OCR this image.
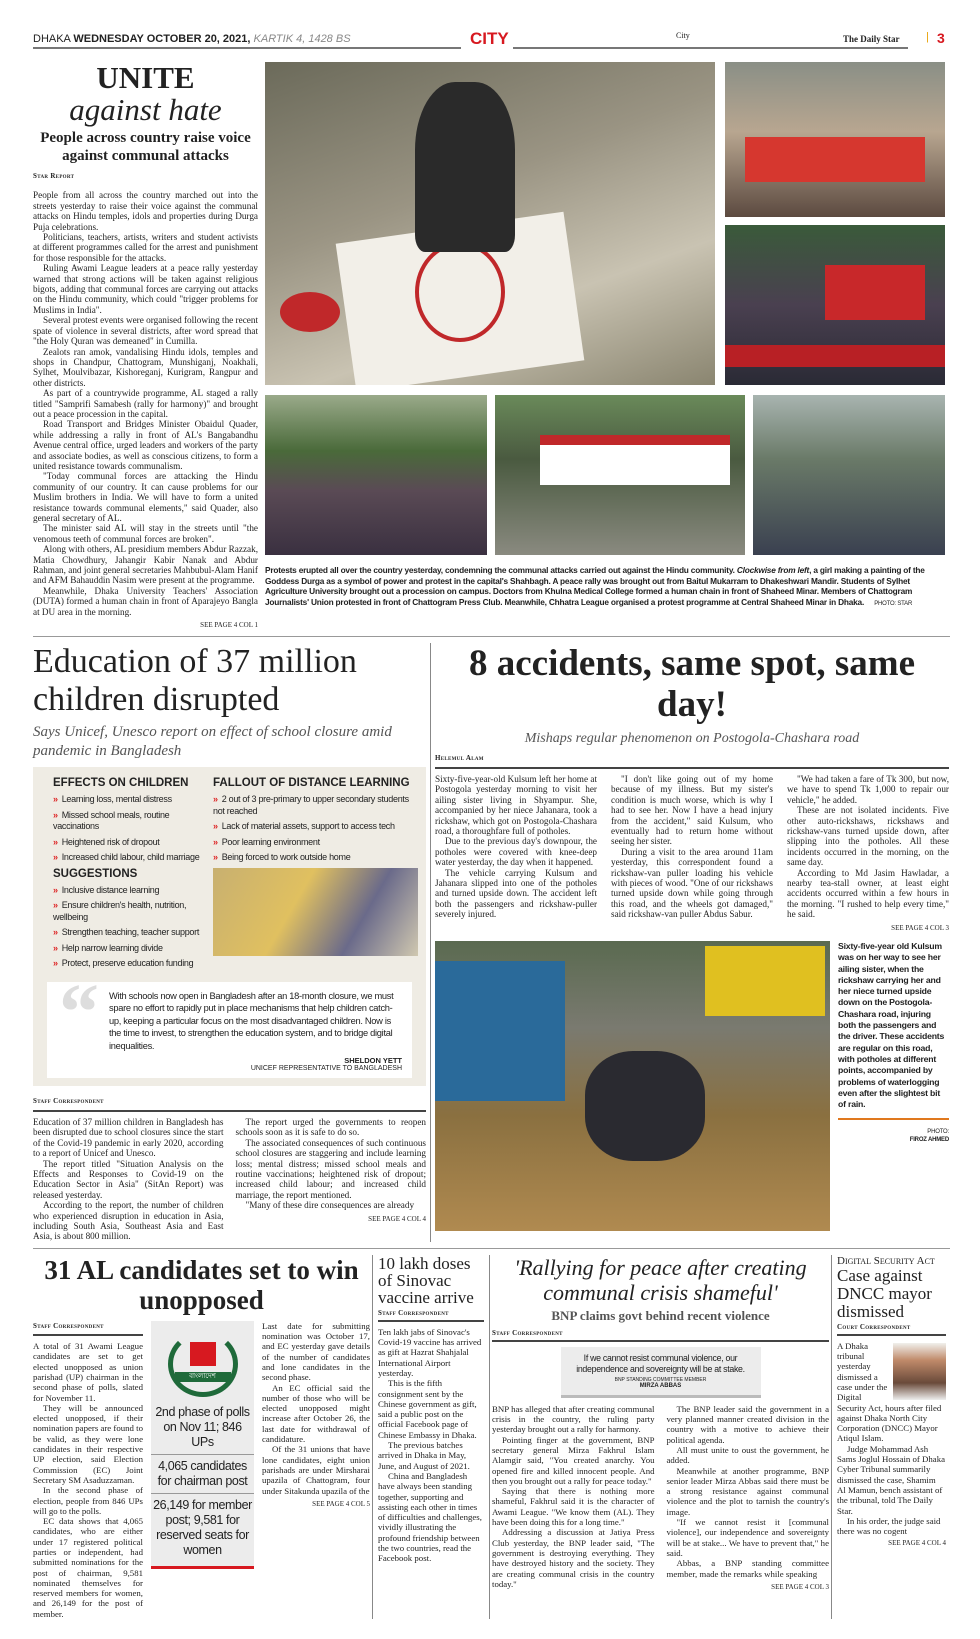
DHAKA WEDNESDAY OCTOBER 20, 2021, KARTIK 4, 1428 BS	CITY	City	The Daily Star | 3
UNITE
against hate
People across country raise voice against communal attacks
Star Report

People from all across the country marched out into the streets yesterday to raise their voice against the communal attacks on Hindu temples, idols and properties during Durga Puja celebrations.

Politicians, teachers, artists, writers and student activists at different programmes called for the arrest and punishment for those responsible for the attacks.

Ruling Awami League leaders at a peace rally yesterday warned that strong actions will be taken against religious bigots, adding that communal forces are carrying out attacks on the Hindu community, which could "trigger problems for Muslims in India".

Several protest events were organised following the recent spate of violence in several districts, after word spread that "the Holy Quran was demeaned" in Cumilla.

Zealots ran amok, vandalising Hindu idols, temples and shops in Chandpur, Chattogram, Munshiganj, Noakhali, Sylhet, Moulvibazar, Kishoreganj, Kurigram, Rangpur and other districts.

As part of a countrywide programme, AL staged a rally titled "Samprifi Samabesh (rally for harmony)" and brought out a peace procession in the capital.

Road Transport and Bridges Minister Obaidul Quader, while addressing a rally in front of AL's Bangabandhu Avenue central office, urged leaders and workers of the party and associate bodies, as well as conscious citizens, to form a united resistance towards communalism.

"Today communal forces are attacking the Hindu community of our country. It can cause problems for our Muslim brothers in India. We will have to form a united resistance towards communal elements," said Quader, also general secretary of AL.

The minister said AL will stay in the streets until "the venomous teeth of communal forces are broken".

Along with others, AL presidium members Abdur Razzak, Matia Chowdhury, Jahangir Kabir Nanak and Abdur Rahman, and joint general secretaries Mahbubul-Alam Hanif and AFM Bahauddin Nasim were present at the programme.

Meanwhile, Dhaka University Teachers' Association (DUTA) formed a human chain in front of Aparajeyo Bangla at DU area in the morning.

SEE PAGE 4 COL 1
Protests erupted all over the country yesterday, condemning the communal attacks carried out against the Hindu community. Clockwise from left, a girl making a painting of the Goddess Durga as a symbol of power and protest in the capital's Shahbagh. A peace rally was brought out from Baitul Mukarram to Dhakeshwari Mandir. Students of Sylhet Agriculture University brought out a procession on campus. Doctors from Khulna Medical College formed a human chain in front of Shaheed Minar. Members of Chattogram Journalists' Union protested in front of Chattogram Press Club. Meanwhile, Chhatra League organised a protest programme at Central Shaheed Minar in Dhaka. PHOTO: STAR
Education of 37 million children disrupted
Says Unicef, Unesco report on effect of school closure amid pandemic in Bangladesh
EFFECTS ON CHILDREN
» Learning loss, mental distress
» Missed school meals, routine vaccinations
» Heightened risk of dropout
» Increased child labour, child marriage
SUGGESTIONS
» Inclusive distance learning
» Ensure children's health, nutrition, wellbeing
» Strengthen teaching, teacher support
» Help narrow learning divide
» Protect, preserve education funding
FALLOUT OF DISTANCE LEARNING
» 2 out of 3 pre-primary to upper secondary students not reached
» Lack of material assets, support to access tech
» Poor learning environment
» Being forced to work outside home
“ With schools now open in Bangladesh after an 18-month closure, we must spare no effort to rapidly put in place mechanisms that help children catch-up, keeping a particular focus on the most disadvantaged children. Now is the time to invest, to strengthen the education system, and to bridge digital inequalities.
SHELDON YETT
UNICEF REPRESENTATIVE TO BANGLADESH
Staff Correspondent

Education of 37 million children in Bangladesh has been disrupted due to school closures since the start of the Covid-19 pandemic in early 2020, according to a report of Unicef and Unesco.

The report titled "Situation Analysis on the Effects and Responses to Covid-19 on the Education Sector in Asia" (SitAn Report) was released yesterday.

According to the report, the number of children who experienced disruption in education in Asia, including South Asia, Southeast Asia and East Asia, is about 800 million.

The report urged the governments to reopen schools soon as it is safe to do so.

The associated consequences of such continuous school closures are staggering and include learning loss; mental distress; missed school meals and routine vaccinations; heightened risk of dropout; increased child labour; and increased child marriage, the report mentioned.

"Many of these dire consequences are already

SEE PAGE 4 COL 4
8 accidents, same spot, same day!
Mishaps regular phenomenon on Postogola-Chashara road
Helemul Alam

Sixty-five-year-old Kulsum left her home at Postogola yesterday morning to visit her ailing sister living in Shyampur. She, accompanied by her niece Jahanara, took a rickshaw, which got on Postogola-Chashara road, a thoroughfare full of potholes.

Due to the previous day's downpour, the potholes were covered with knee-deep water yesterday, the day when it happened.

The vehicle carrying Kulsum and Jahanara slipped into one of the potholes and turned upside down. The accident left both the passengers and rickshaw-puller severely injured.

"I don't like going out of my home because of my illness. But my sister's condition is much worse, which is why I had to see her. Now I have a head injury from the accident," said Kulsum, who eventually had to return home without seeing her sister.

During a visit to the area around 11am yesterday, this correspondent found a rickshaw-van puller loading his vehicle with pieces of wood. "One of our rickshaws turned upside down while going through this road, and the wheels got damaged," said rickshaw-van puller Abdus Sabur.

"We had taken a fare of Tk 300, but now, we have to spend Tk 1,000 to repair our vehicle," he added.

These are not isolated incidents. Five other auto-rickshaws, rickshaws and rickshaw-vans turned upside down, after slipping into the potholes. All these incidents occurred in the morning, on the same day.

According to Md Jasim Hawladar, a nearby tea-stall owner, at least eight accidents occurred within a few hours in the morning. "I rushed to help every time," he said.

SEE PAGE 4 COL 3
Sixty-five-year old Kulsum was on her way to see her ailing sister, when the rickshaw carrying her and her niece turned upside down on the Postogola-Chashara road, injuring both the passengers and the driver. These accidents are regular on this road, with potholes at different points, accompanied by problems of waterlogging even after the slightest bit of rain.
PHOTO:
FIROZ AHMED
31 AL candidates set to win unopposed
Staff Correspondent

A total of 31 Awami League candidates are set to get elected unopposed as union parishad (UP) chairman in the second phase of polls, slated for November 11.

They will be announced elected unopposed, if their nomination papers are found to be valid, as they were lone candidates in their respective UP election, said Election Commission (EC) Joint Secretary SM Asaduzzaman.

In the second phase of election, people from 846 UPs will go to the polls.

EC data shows that 4,065 candidates, who are either under 17 registered political parties or independent, had submitted nominations for the post of chairman, 9,581 nominated themselves for reserved members for women, and 26,149 for the post of member.

বাংলাদেশ
2nd phase of polls on Nov 11; 846 UPs
4,065 candidates for chairman post
26,149 for member post; 9,581 for reserved seats for women

Last date for submitting nomination was October 17, and EC yesterday gave details of the number of candidates and lone candidates in the second phase.

An EC official said the number of those who will be elected unopposed might increase after October 26, the last date for withdrawal of candidature.

Of the 31 unions that have lone candidates, eight union parishads are under Mirsharai upazila of Chattogram, four under Sitakunda upazila of the

SEE PAGE 4 COL 5
10 lakh doses of Sinovac vaccine arrive
Staff Correspondent

Ten lakh jabs of Sinovac's Covid-19 vaccine has arrived as gift at Hazrat Shahjalal International Airport yesterday.

This is the fifth consignment sent by the Chinese government as gift, said a public post on the official Facebook page of Chinese Embassy in Dhaka.

The previous batches arrived in Dhaka in May, June, and August of 2021.

China and Bangladesh have always been standing together, supporting and assisting each other in times of difficulties and challenges, vividly illustrating the profound friendship between the two countries, read the Facebook post.

'Rallying for peace after creating communal crisis shameful'
BNP claims govt behind recent violence
Staff Correspondent
If we cannot resist communal violence, our independence and sovereignty will be at stake.
BNP STANDING COMMITTEE MEMBER
MIRZA ABBAS

BNP has alleged that after creating communal crisis in the country, the ruling party yesterday brought out a rally for harmony.

Pointing finger at the government, BNP secretary general Mirza Fakhrul Islam Alamgir said, "You created anarchy. You opened fire and killed innocent people. And then you brought out a rally for peace today."

Saying that there is nothing more shameful, Fakhrul said it is the character of Awami League. "We know them (AL). They have been doing this for a long time."

Addressing a discussion at Jatiya Press Club yesterday, the BNP leader said, "The government is destroying everything. They have destroyed history and the society. They are creating communal crisis in the country today."

The BNP leader said the government in a very planned manner created division in the country with a motive to achieve their political agenda.

All must unite to oust the government, he added.

Meanwhile at another programme, BNP senior leader Mirza Abbas said there must be a strong resistance against communal violence and the plot to tarnish the country's image.

"If we cannot resist it [communal violence], our independence and sovereignty will be at stake... We have to prevent that," he said.

Abbas, a BNP standing committee member, made the remarks while speaking

SEE PAGE 4 COL 3
Digital Security Act
Case against DNCC mayor dismissed
Court Correspondent

A Dhaka tribunal yesterday dismissed a case under the Digital Security Act, hours after filed against Dhaka North City Corporation (DNCC) Mayor Atiqul Islam.

Judge Mohammad Ash Sams Joglul Hossain of Dhaka Cyber Tribunal summarily dismissed the case, Shamim Al Mamun, bench assistant of the tribunal, told The Daily Star.

In his order, the judge said there was no cogent

SEE PAGE 4 COL 4
